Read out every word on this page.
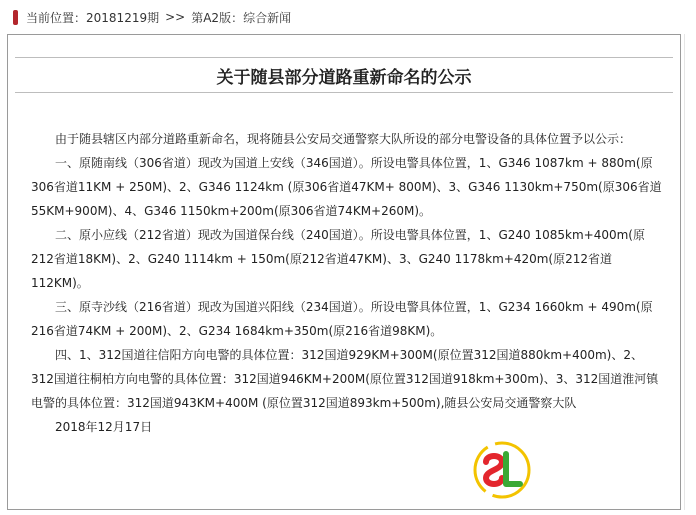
当前位置： 20181219期 >> 第A2版：综合新闻
关于随县部分道路重新命名的公示

由于随县辖区内部分道路重新命名，现将随县公安局交通警察大队所设的部分电警设备的具体位置予以公示：

一、原随南线（306省道）现改为国道上安线（346国道）。所设电警具体位置，1、G346 1087km + 880m(原306省道11KM + 250M)、2、G346 1124km (原306省道47KM+ 800M)、3、G346 1130km+750m(原306省道55KM+900M)、4、G346 1150km+200m(原306省道74KM+260M)。

二、原小应线（212省道）现改为国道保台线（240国道）。所设电警具体位置，1、G240 1085km+400m(原212省道18KM)、2、G240 1114km + 150m(原212省道47KM)、3、G240 1178km+420m(原212省道112KM)。

三、原寺沙线（216省道）现改为国道兴阳线（234国道）。所设电警具体位置，1、G234 1660km + 490m(原216省道74KM + 200M)、2、G234 1684km+350m(原216省道98KM)。

四、1、312国道往信阳方向电警的具体位置：312国道929KM+300M(原位置312国道880km+400m)、2、312国道往桐柏方向电警的具体位置：312国道946KM+200M(原位置312国道918km+300m)、3、312国道淮河镇电警的具体位置：312国道943KM+400M (原位置312国道893km+500m),随县公安局交通警察大队

2018年12月17日
